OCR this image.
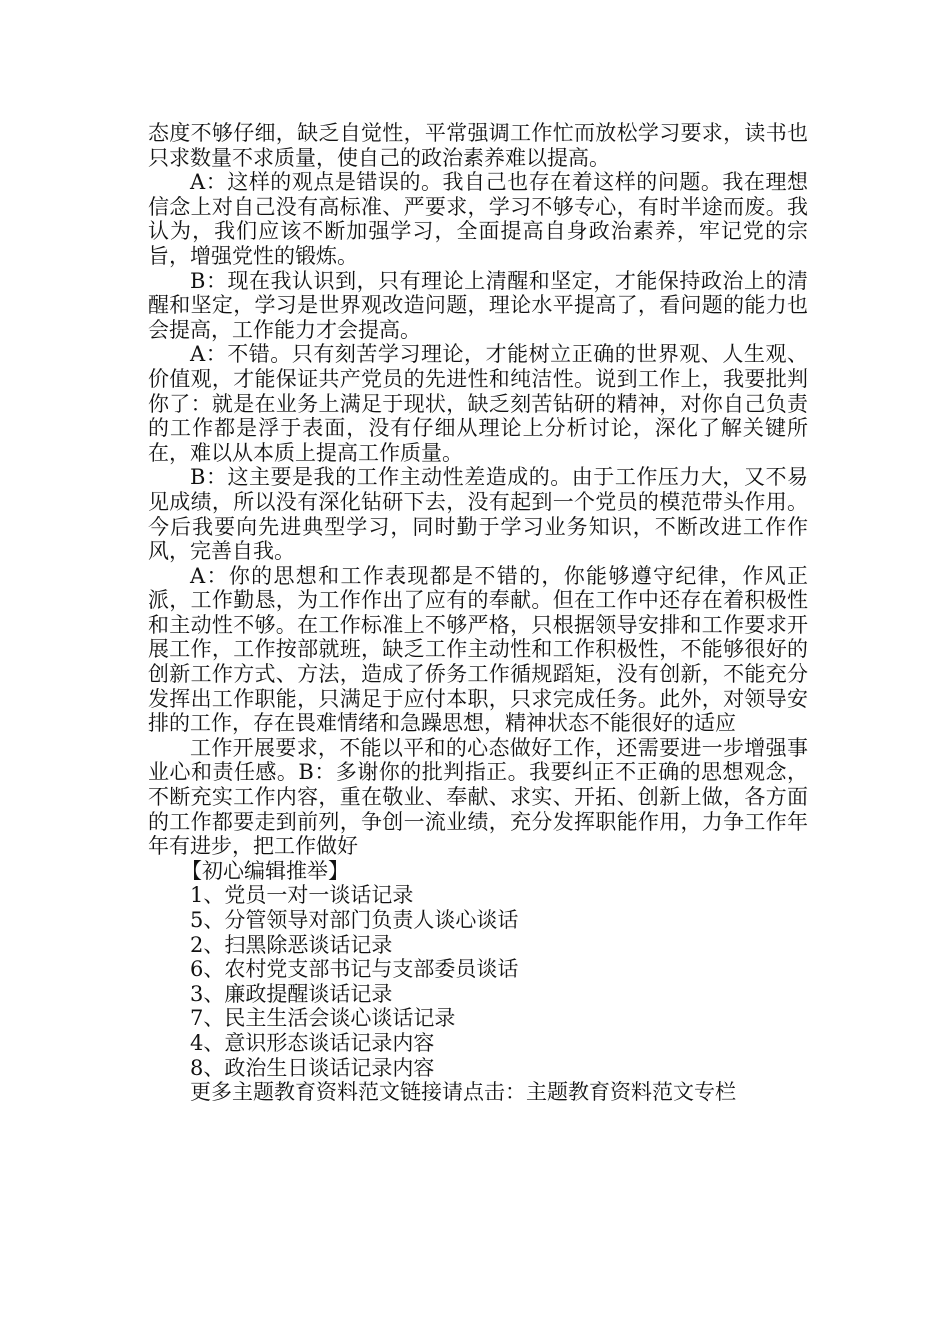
态度不够仔细，缺乏自觉性，平常强调工作忙而放松学习要求，读书也只求数量不求质量，使自己的政治素养难以提高。

A：这样的观点是错误的。我自己也存在着这样的问题。我在理想信念上对自己没有高标准、严要求，学习不够专心，有时半途而废。我认为，我们应该不断加强学习，全面提高自身政治素养，牢记党的宗旨，增强党性的锻炼。

B：现在我认识到，只有理论上清醒和坚定，才能保持政治上的清醒和坚定，学习是世界观改造问题，理论水平提高了，看问题的能力也会提高，工作能力才会提高。

A：不错。只有刻苦学习理论，才能树立正确的世界观、人生观、价值观，才能保证共产党员的先进性和纯洁性。说到工作上，我要批判你了：就是在业务上满足于现状，缺乏刻苦钻研的精神，对你自己负责的工作都是浮于表面，没有仔细从理论上分析讨论，深化了解关键所在，难以从本质上提高工作质量。

B：这主要是我的工作主动性差造成的。由于工作压力大，又不易见成绩，所以没有深化钻研下去，没有起到一个党员的模范带头作用。今后我要向先进典型学习，同时勤于学习业务知识，不断改进工作作风，完善自我。

A：你的思想和工作表现都是不错的，你能够遵守纪律，作风正派，工作勤恳，为工作作出了应有的奉献。但在工作中还存在着积极性和主动性不够。在工作标准上不够严格，只根据领导安排和工作要求开展工作，工作按部就班，缺乏工作主动性和工作积极性，不能够很好的创新工作方式、方法，造成了侨务工作循规蹈矩，没有创新，不能充分发挥出工作职能，只满足于应付本职，只求完成任务。此外，对领导安排的工作，存在畏难情绪和急躁思想，精神状态不能很好的适应

工作开展要求，不能以平和的心态做好工作，还需要进一步增强事业心和责任感。B：多谢你的批判指正。我要纠正不正确的思想观念，不断充实工作内容，重在敬业、奉献、求实、开拓、创新上做，各方面的工作都要走到前列，争创一流业绩，充分发挥职能作用，力争工作年年有进步，把工作做好

【初心编辑推举】

1、党员一对一谈话记录
5、分管领导对部门负责人谈心谈话
2、扫黑除恶谈话记录
6、农村党支部书记与支部委员谈话
3、廉政提醒谈话记录
7、民主生活会谈心谈话记录
4、意识形态谈话记录内容
8、政治生日谈话记录内容

更多主题教育资料范文链接请点击：主题教育资料范文专栏
